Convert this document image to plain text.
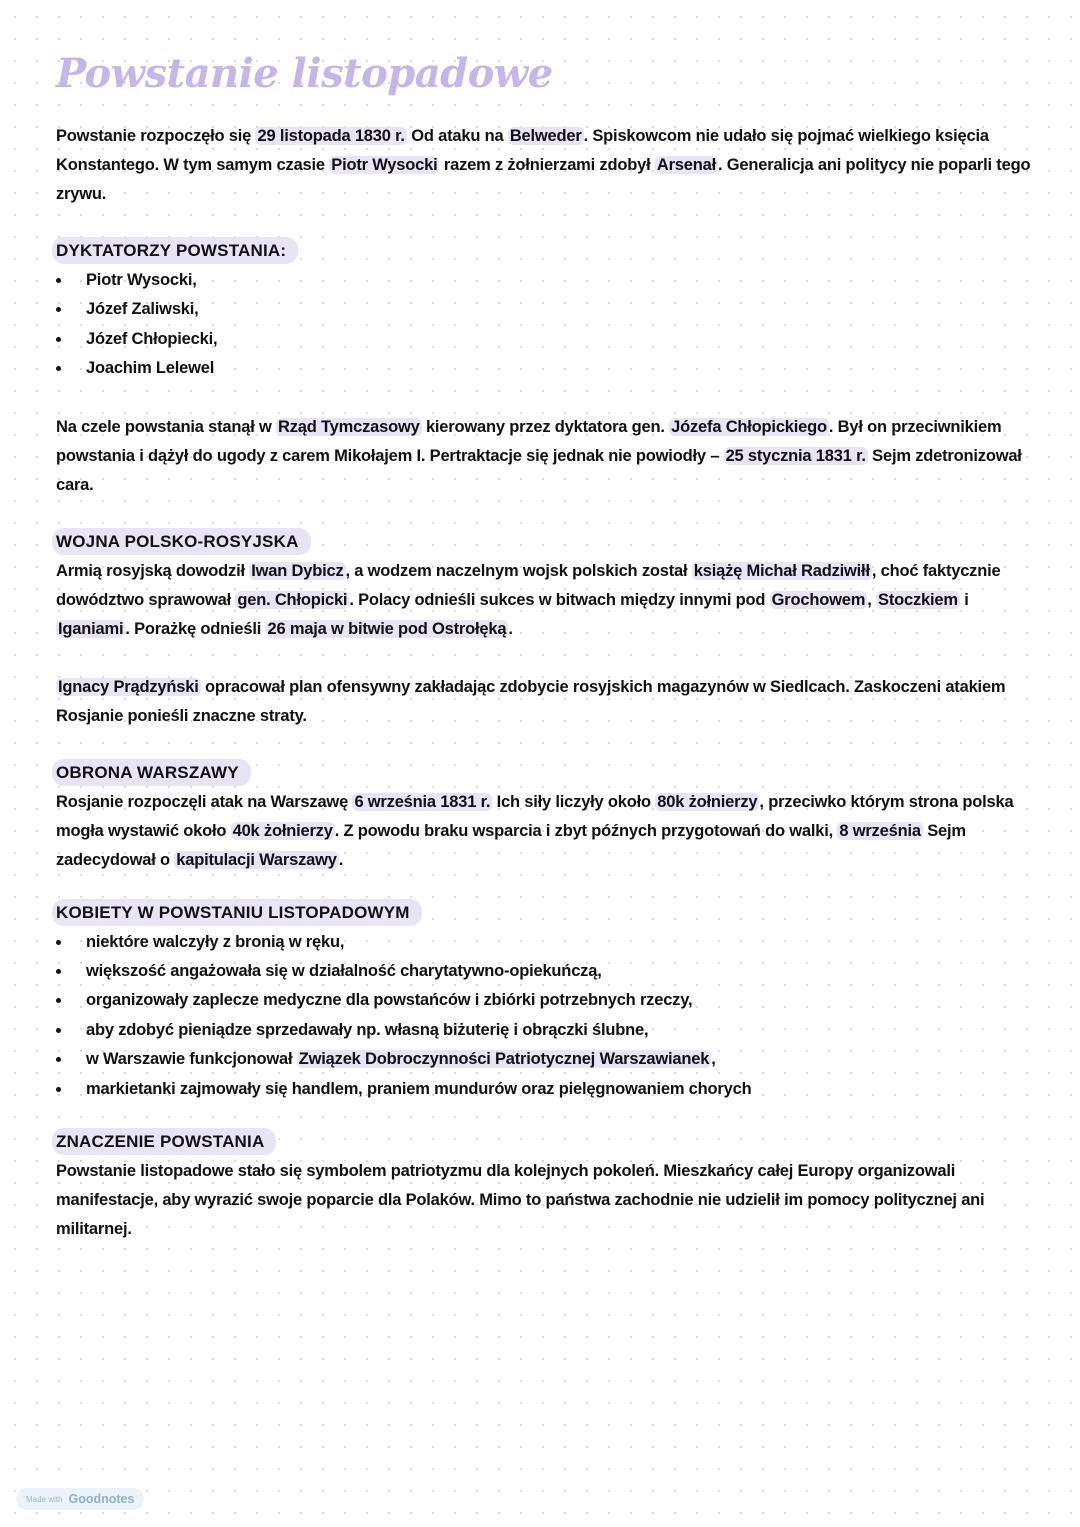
Powstanie listopadowe

Powstanie rozpoczęło się 29 listopada 1830 r. Od ataku na Belweder . Spiskowcom nie udało się pojmać wielkiego księcia Konstantego. W tym samym czasie Piotr Wysocki razem z żołnierzami zdobył Arsenał . Generalicja ani politycy nie poparli tego zrywu.

DYKTATORZY POWSTANIA:
Piotr Wysocki,
Józef Zaliwski,
Józef Chłopiecki,
Joachim Lelewel

Na czele powstania stanął w Rząd Tymczasowy kierowany przez dyktatora gen. Józefa Chłopickiego . Był on przeciwnikiem powstania i dążył do ugody z carem Mikołajem I. Pertraktacje się jednak nie powiodły – 25 stycznia 1831 r. Sejm zdetronizował cara.

WOJNA POLSKO-ROSYJSKA

Armią rosyjską dowodził Iwan Dybicz , a wodzem naczelnym wojsk polskich został książę Michał Radziwiłł , choć faktycznie dowództwo sprawował gen. Chłopicki . Polacy odnieśli sukces w bitwach między innymi pod Grochowem , Stoczkiem i Iganiami . Porażkę odnieśli 26 maja w bitwie pod Ostrołęką .

Ignacy Prądzyński opracował plan ofensywny zakładając zdobycie rosyjskich magazynów w Siedlcach. Zaskoczeni atakiem Rosjanie ponieśli znaczne straty.

OBRONA WARSZAWY

Rosjanie rozpoczęli atak na Warszawę 6 września 1831 r. Ich siły liczyły około 80k żołnierzy , przeciwko którym strona polska mogła wystawić około 40k żołnierzy . Z powodu braku wsparcia i zbyt późnych przygotowań do walki, 8 września Sejm zadecydował o kapitulacji Warszawy .

KOBIETY W POWSTANIU LISTOPADOWYM
niektóre walczyły z bronią w ręku,
większość angażowała się w działalność charytatywno-opiekuńczą,
organizowały zaplecze medyczne dla powstańców i zbiórki potrzebnych rzeczy,
aby zdobyć pieniądze sprzedawały np. własną biżuterię i obrączki ślubne,
w Warszawie funkcjonował Związek Dobroczynności Patriotycznej Warszawianek ,
markietanki zajmowały się handlem, praniem mundurów oraz pielęgnowaniem chorych
ZNACZENIE POWSTANIA

Powstanie listopadowe stało się symbolem patriotyzmu dla kolejnych pokoleń. Mieszkańcy całej Europy organizowali manifestacje, aby wyrazić swoje poparcie dla Polaków. Mimo to państwa zachodnie nie udzielił im pomocy politycznej ani militarnej.

Made with Goodnotes
